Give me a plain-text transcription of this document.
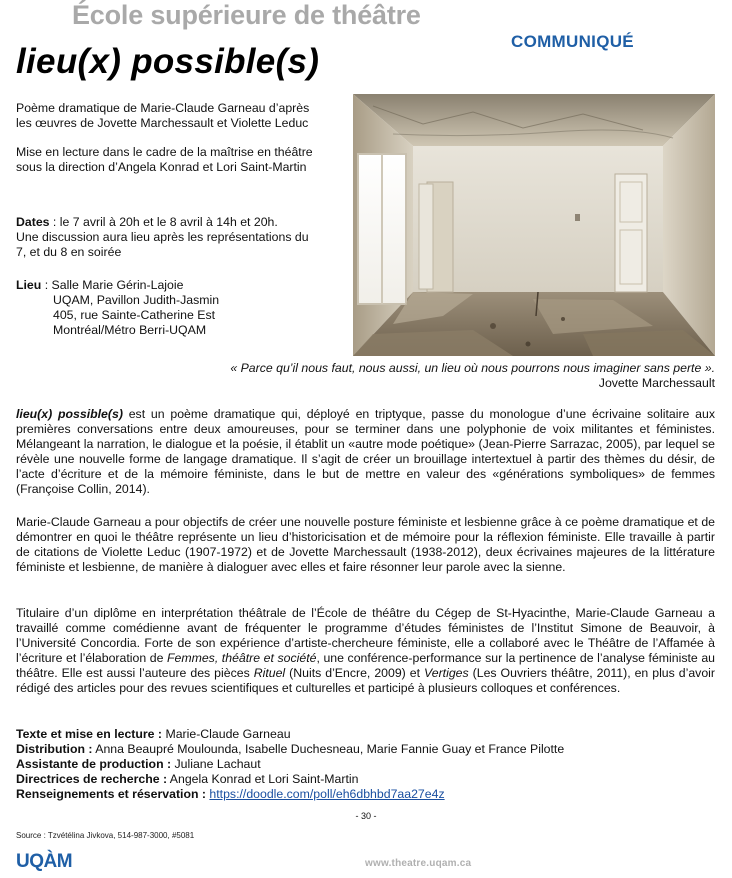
École supérieure de théâtre
COMMUNIQUÉ
lieu(x) possible(s)
Poème dramatique de Marie-Claude Garneau d’après
les œuvres de Jovette Marchessault et Violette Leduc
Mise en lecture dans le cadre de la maîtrise en théâtre
sous la direction d’Angela Konrad et Lori Saint-Martin
Dates : le 7 avril à 20h et le 8 avril à 14h et 20h.
Une discussion aura lieu après les représentations du
7, et du 8 en soirée
Lieu : Salle Marie Gérin-Lajoie
UQAM, Pavillon Judith-Jasmin
405, rue Sainte-Catherine Est
Montréal/Métro Berri-UQAM
« Parce qu’il nous faut, nous aussi, un lieu où nous pourrons nous imaginer sans perte ».
Jovette Marchessault

lieu(x) possible(s) est un poème dramatique qui, déployé en triptyque, passe du monologue d’une écrivaine solitaire aux premières conversations entre deux amoureuses, pour se terminer dans une polyphonie de voix militantes et féministes. Mélangeant la narration, le dialogue et la poésie, il établit un «autre mode poétique» (Jean-Pierre Sarrazac, 2005), par lequel se révèle une nouvelle forme de langage dramatique. Il s’agit de créer un brouillage intertextuel à partir des thèmes du désir, de l’acte d’écriture et de la mémoire féministe, dans le but de mettre en valeur des «générations symboliques» de femmes (Françoise Collin, 2014).

Marie-Claude Garneau a pour objectifs de créer une nouvelle posture féministe et lesbienne grâce à ce poème dramatique et de démontrer en quoi le théâtre représente un lieu d’historicisation et de mémoire pour la réflexion féministe. Elle travaille à partir de citations de Violette Leduc (1907-1972) et de Jovette Marchessault (1938-2012), deux écrivaines majeures de la littérature féministe et lesbienne, de manière à dialoguer avec elles et faire résonner leur parole avec la sienne.

Titulaire d’un diplôme en interprétation théâtrale de l’École de théâtre du Cégep de St-Hyacinthe, Marie-Claude Garneau a travaillé comme comédienne avant de fréquenter le programme d’études féministes de l’Institut Simone de Beauvoir, à l’Université Concordia. Forte de son expérience d’artiste-chercheure féministe, elle a collaboré avec le Théâtre de l’Affamée à l’écriture et l’élaboration de Femmes, théâtre et société, une conférence-performance sur la pertinence de l’analyse féministe au théâtre. Elle est aussi l’auteure des pièces Rituel (Nuits d’Encre, 2009) et Vertiges (Les Ouvriers théâtre, 2011), en plus d’avoir rédigé des articles pour des revues scientifiques et culturelles et participé à plusieurs colloques et conférences.

Texte et mise en lecture : Marie-Claude Garneau
Distribution : Anna Beaupré Moulounda, Isabelle Duchesneau, Marie Fannie Guay et France Pilotte
Assistante de production : Juliane Lachaut
Directrices de recherche : Angela Konrad et Lori Saint-Martin
Renseignements et réservation : https://doodle.com/poll/eh6dbhbd7aa27e4z
- 30 -
Source : Tzvétélina Jivkova, 514-987-3000, #5081
UQÀM	www.theatre.uqam.ca
